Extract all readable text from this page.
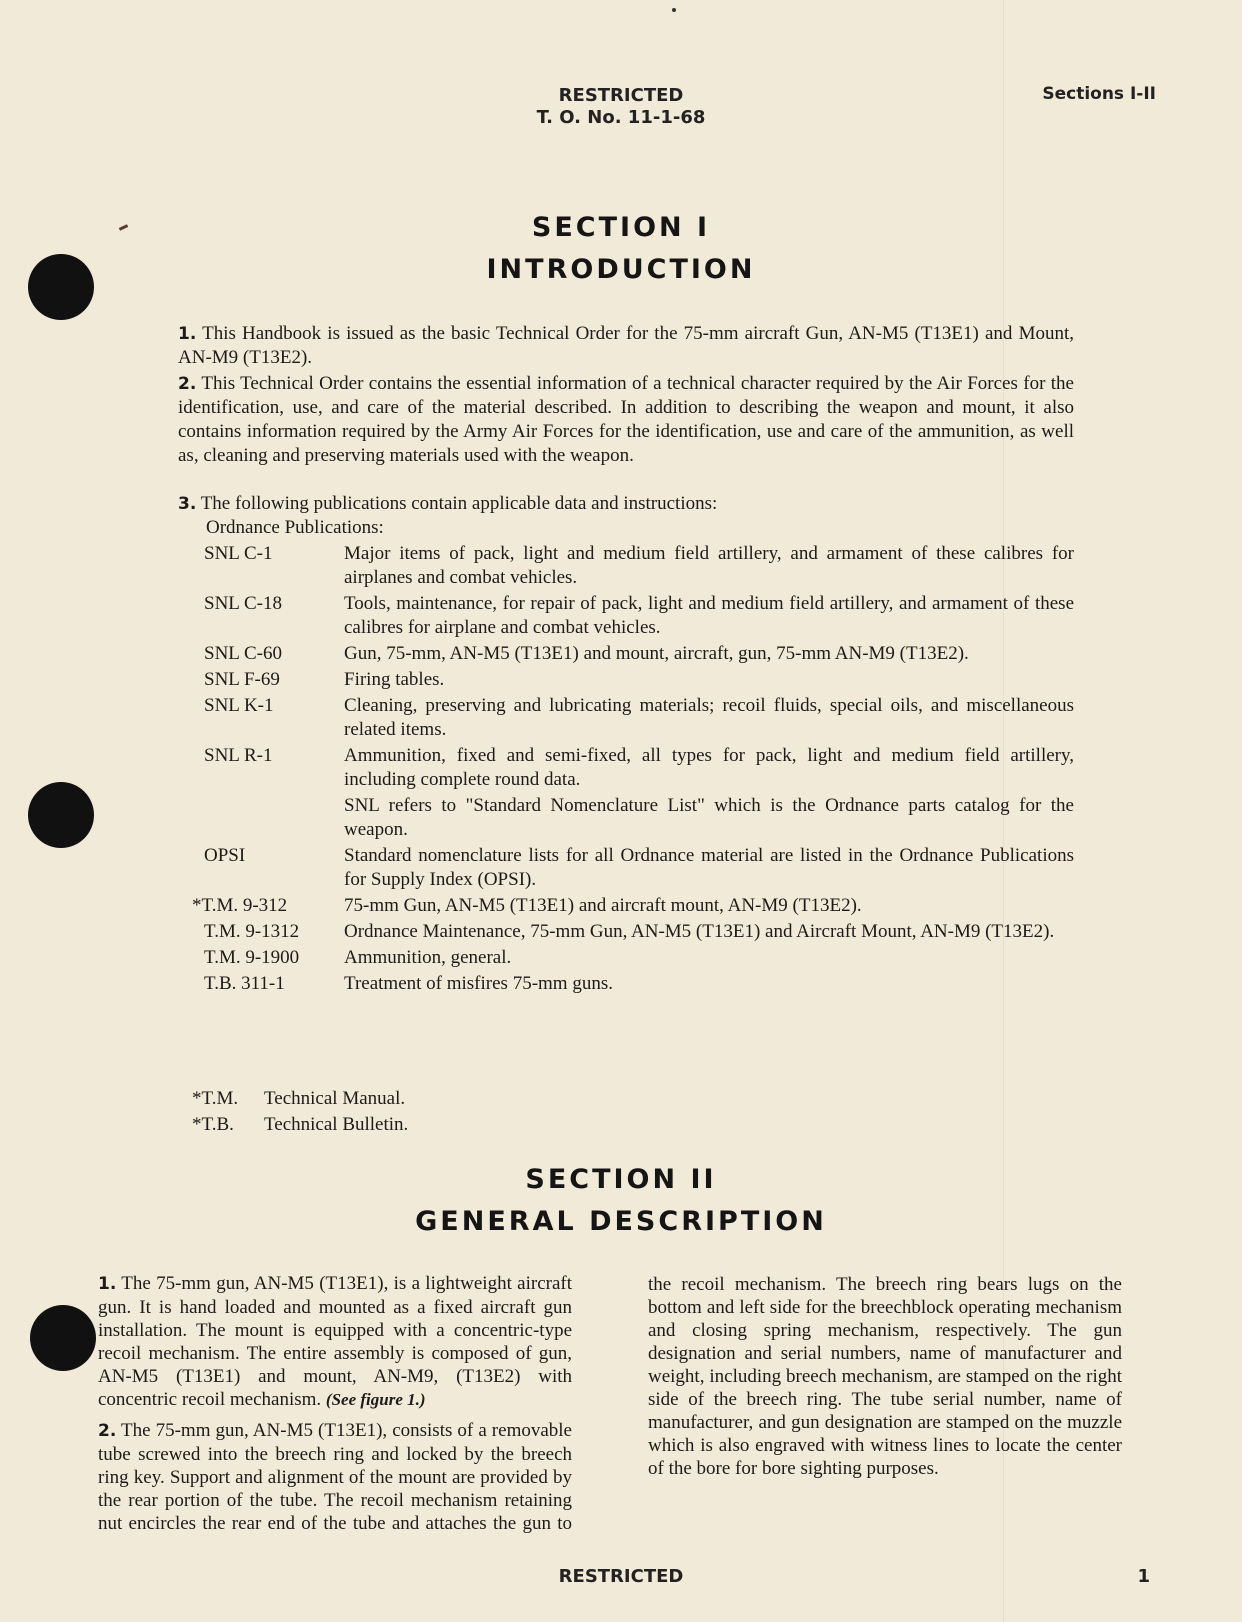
RESTRICTED
T. O. No. 11-1-68
Sections I-II
SECTION I
INTRODUCTION
1. This Handbook is issued as the basic Technical Order for the 75-mm aircraft Gun, AN-M5 (T13E1) and Mount, AN-M9 (T13E2).
2. This Technical Order contains the essential information of a technical character required by the Air Forces for the identification, use, and care of the material described. In addition to describing the weapon and mount, it also contains information required by the Army Air Forces for the identification, use and care of the ammunition, as well as, cleaning and preserving materials used with the weapon.
3. The following publications contain applicable data and instructions:
Ordnance Publications:
SNL C-1	Major items of pack, light and medium field artillery, and armament of these calibres for airplanes and combat vehicles.
SNL C-18	Tools, maintenance, for repair of pack, light and medium field artillery, and armament of these calibres for airplane and combat vehicles.
SNL C-60	Gun, 75-mm, AN-M5 (T13E1) and mount, aircraft, gun, 75-mm AN-M9 (T13E2).
SNL F-69	Firing tables.
SNL K-1	Cleaning, preserving and lubricating materials; recoil fluids, special oils, and miscellaneous related items.
SNL R-1	Ammunition, fixed and semi-fixed, all types for pack, light and medium field artillery, including complete round data.
SNL refers to "Standard Nomenclature List" which is the Ordnance parts catalog for the weapon.
OPSI	Standard nomenclature lists for all Ordnance material are listed in the Ordnance Publications for Supply Index (OPSI).
*T.M. 9-312	75-mm Gun, AN-M5 (T13E1) and aircraft mount, AN-M9 (T13E2).
T.M. 9-1312	Ordnance Maintenance, 75-mm Gun, AN-M5 (T13E1) and Aircraft Mount, AN-M9 (T13E2).
T.M. 9-1900	Ammunition, general.
T.B. 311-1	Treatment of misfires 75-mm guns.
*T.M. Technical Manual.
*T.B. Technical Bulletin.
SECTION II
GENERAL DESCRIPTION
1. The 75-mm gun, AN-M5 (T13E1), is a lightweight aircraft gun. It is hand loaded and mounted as a fixed aircraft gun installation. The mount is equipped with a concentric-type recoil mechanism. The entire assembly is composed of gun, AN-M5 (T13E1) and mount, AN-M9, (T13E2) with concentric recoil mechanism. (See figure 1.)
2. The 75-mm gun, AN-M5 (T13E1), consists of a removable tube screwed into the breech ring and locked by the breech ring key. Support and alignment of the mount are provided by the rear portion of the tube. The recoil mechanism retaining nut encircles the rear end of the tube and attaches the gun to
the recoil mechanism. The breech ring bears lugs on the bottom and left side for the breechblock operating mechanism and closing spring mechanism, respectively. The gun designation and serial numbers, name of manufacturer and weight, including breech mechanism, are stamped on the right side of the breech ring. The tube serial number, name of manufacturer, and gun designation are stamped on the muzzle which is also engraved with witness lines to locate the center of the bore for bore sighting purposes.
RESTRICTED	1
